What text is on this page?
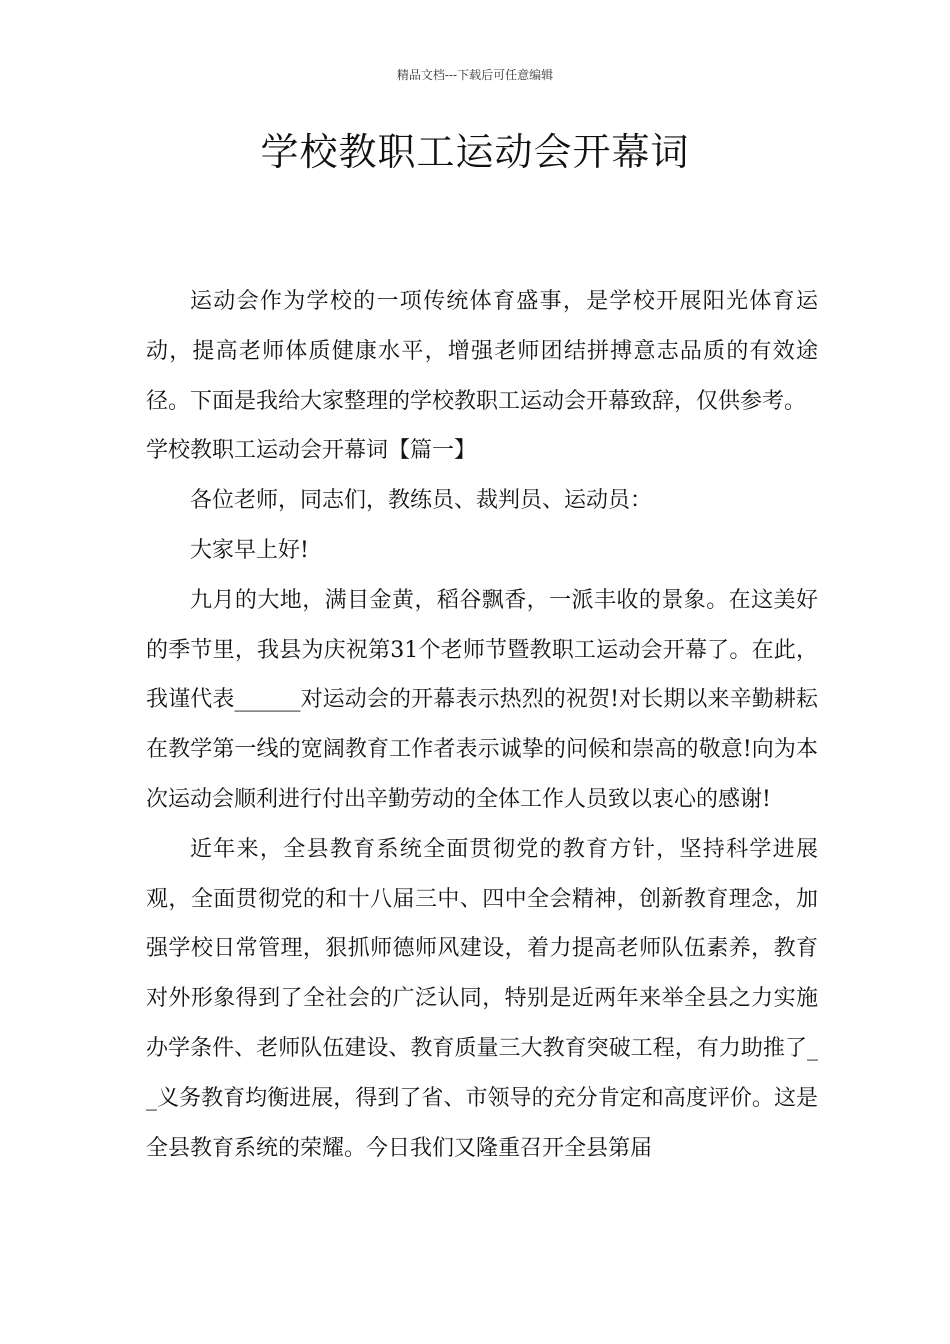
精品文档---下载后可任意编辑
学校教职工运动会开幕词

运动会作为学校的一项传统体育盛事，是学校开展阳光体育运动，提高老师体质健康水平，增强老师团结拼搏意志品质的有效途径。下面是我给大家整理的学校教职工运动会开幕致辞，仅供参考。

学校教职工运动会开幕词【篇一】

各位老师，同志们，教练员、裁判员、运动员：

大家早上好!

九月的大地，满目金黄，稻谷飘香，一派丰收的景象。在这美好的季节里，我县为庆祝第31个老师节暨教职工运动会开幕了。在此，我谨代表______对运动会的开幕表示热烈的祝贺!对长期以来辛勤耕耘在教学第一线的宽阔教育工作者表示诚挚的问候和崇高的敬意!向为本次运动会顺利进行付出辛勤劳动的全体工作人员致以衷心的感谢!

近年来，全县教育系统全面贯彻党的教育方针，坚持科学进展观，全面贯彻党的和十八届三中、四中全会精神，创新教育理念，加强学校日常管理，狠抓师德师风建设，着力提高老师队伍素养，教育对外形象得到了全社会的广泛认同，特别是近两年来举全县之力实施办学条件、老师队伍建设、教育质量三大教育突破工程，有力助推了__义务教育均衡进展，得到了省、市领导的充分肯定和高度评价。这是全县教育系统的荣耀。今日我们又隆重召开全县第届
